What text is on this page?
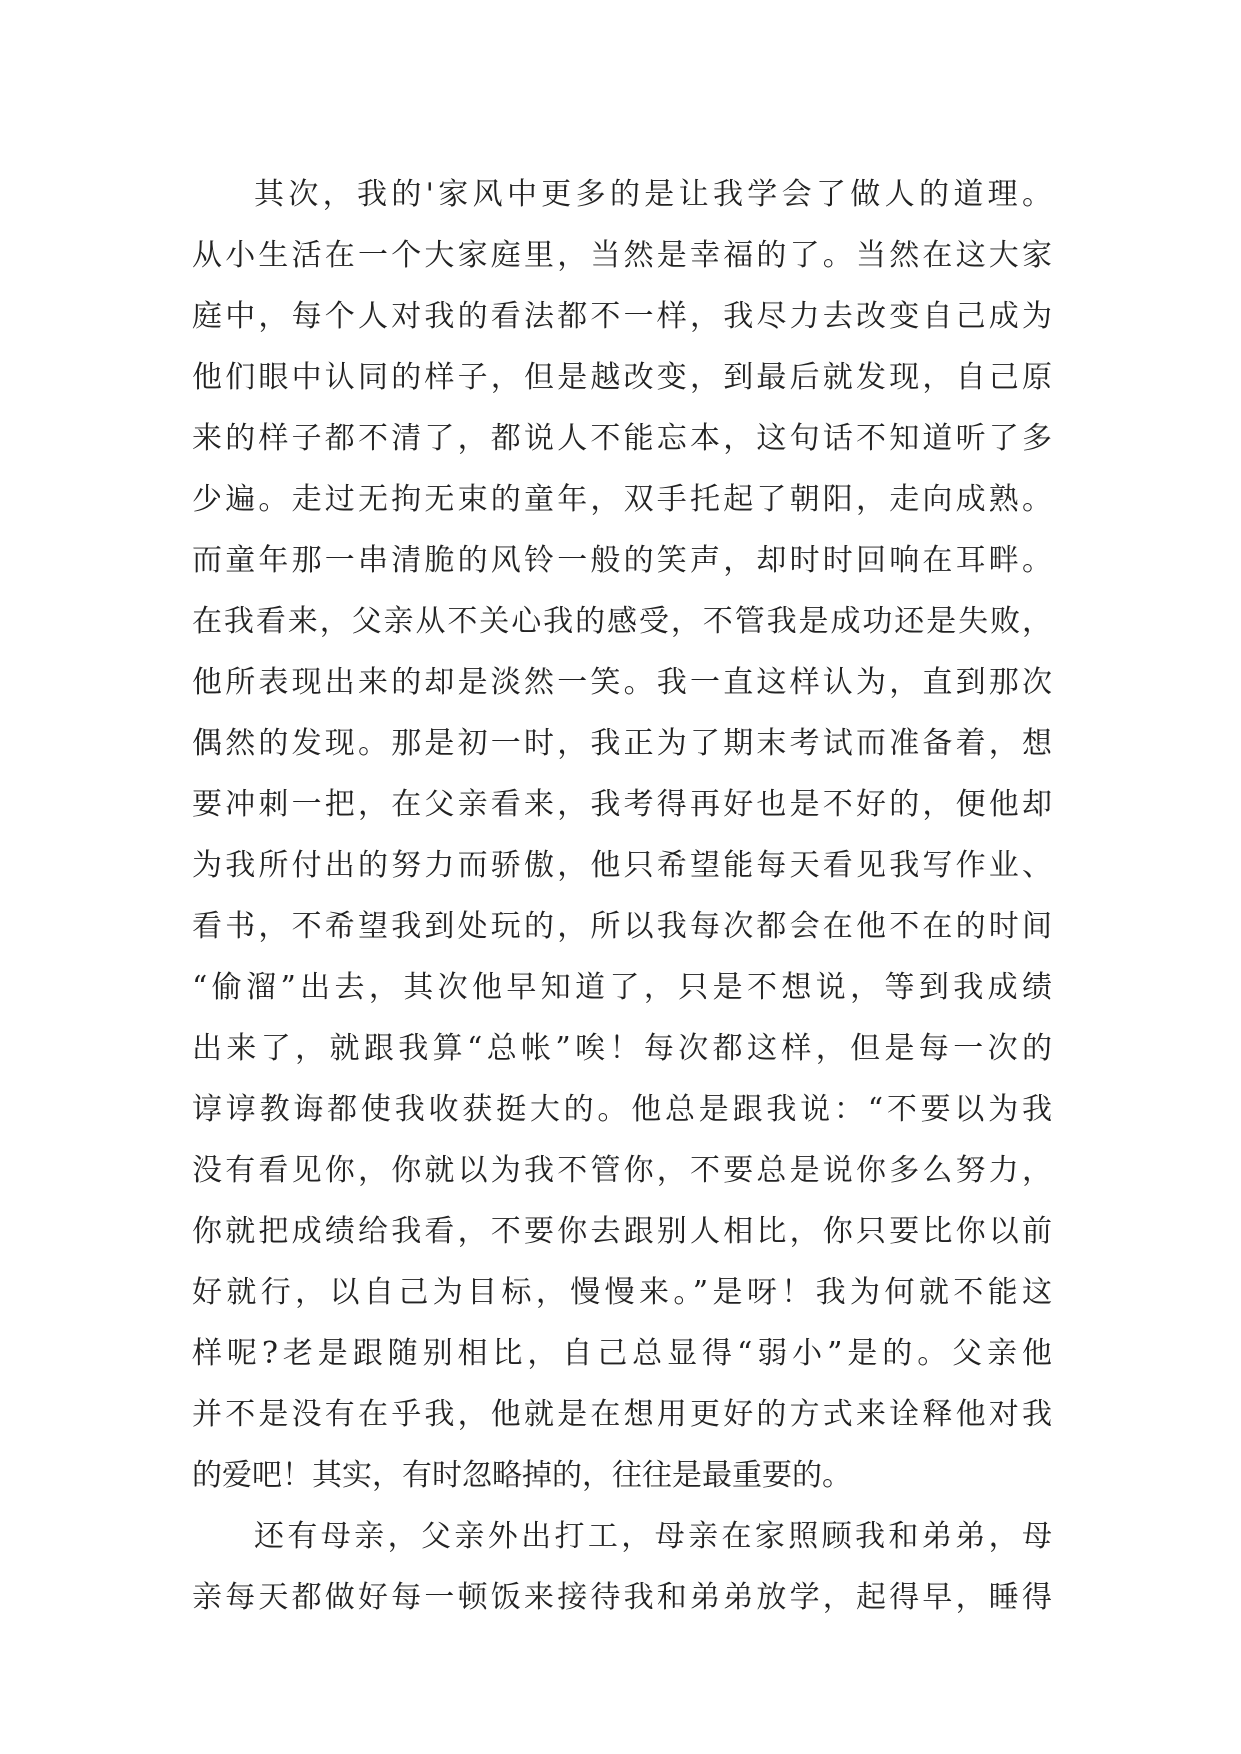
其次，我的'家风中更多的是让我学会了做人的道理。
从小生活在一个大家庭里，当然是幸福的了。当然在这大家
庭中，每个人对我的看法都不一样，我尽力去改变自己成为
他们眼中认同的样子，但是越改变，到最后就发现，自己原
来的样子都不清了，都说人不能忘本，这句话不知道听了多
少遍。走过无拘无束的童年，双手托起了朝阳，走向成熟。
而童年那一串清脆的风铃一般的笑声，却时时回响在耳畔。
在我看来，父亲从不关心我的感受，不管我是成功还是失败，
他所表现出来的却是淡然一笑。我一直这样认为，直到那次
偶然的发现。那是初一时，我正为了期末考试而准备着，想
要冲刺一把，在父亲看来，我考得再好也是不好的，便他却
为我所付出的努力而骄傲，他只希望能每天看见我写作业、
看书，不希望我到处玩的，所以我每次都会在他不在的时间
“偷溜”出去，其次他早知道了，只是不想说，等到我成绩
出来了，就跟我算“总帐”唉！每次都这样，但是每一次的
谆谆教诲都使我收获挺大的。他总是跟我说：“不要以为我
没有看见你，你就以为我不管你，不要总是说你多么努力，
你就把成绩给我看，不要你去跟别人相比，你只要比你以前
好就行，以自己为目标，慢慢来。”是呀！我为何就不能这
样呢?老是跟随别相比，自己总显得“弱小”是的。父亲他
并不是没有在乎我，他就是在想用更好的方式来诠释他对我
的爱吧！其实，有时忽略掉的，往往是最重要的。
还有母亲，父亲外出打工，母亲在家照顾我和弟弟，母
亲每天都做好每一顿饭来接待我和弟弟放学，起得早，睡得
